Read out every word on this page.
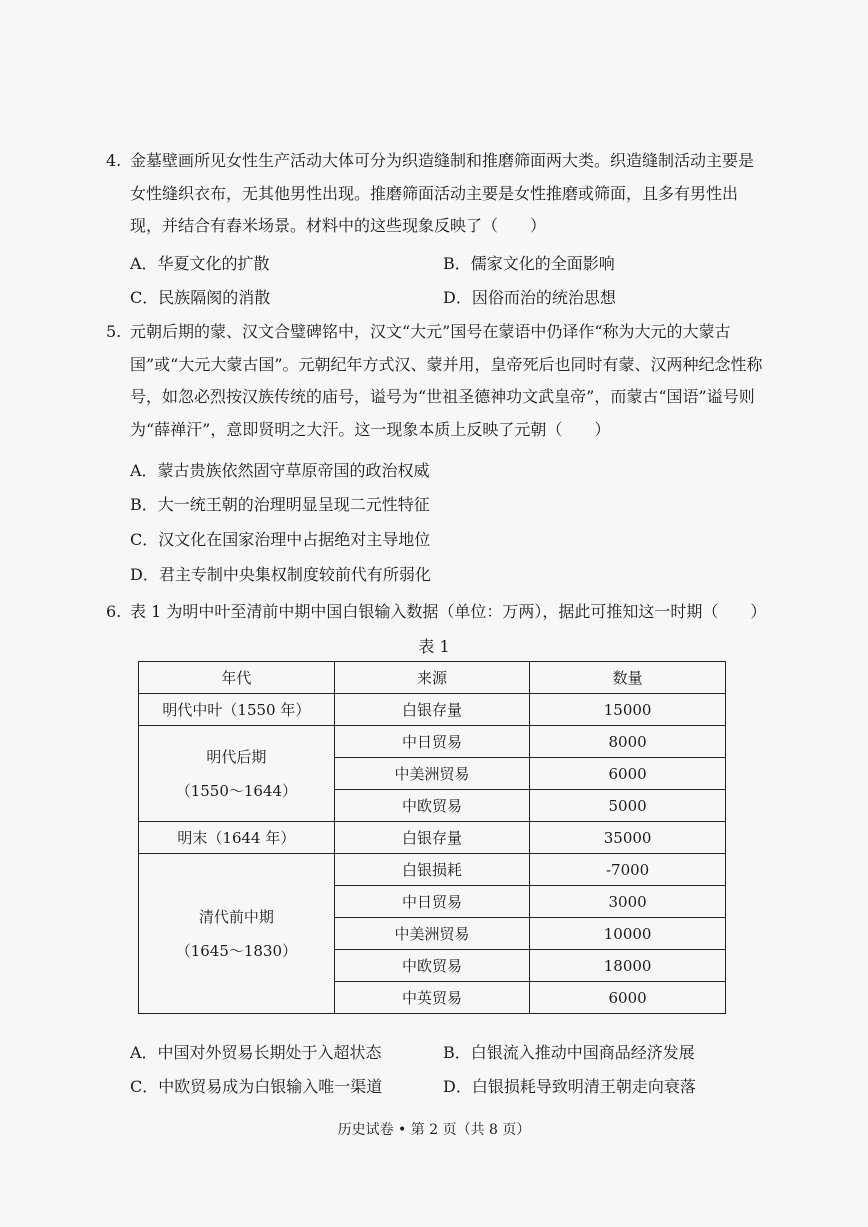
4. 金墓壁画所见女性生产活动大体可分为织造缝制和推磨筛面两大类。织造缝制活动主要是女性缝织衣布，无其他男性出现。推磨筛面活动主要是女性推磨或筛面，且多有男性出现，并结合有舂米场景。材料中的这些现象反映了（　　）
A．华夏文化的扩散	B．儒家文化的全面影响
C．民族隔阂的消散	D．因俗而治的统治思想
5. 元朝后期的蒙、汉文合璧碑铭中，汉文“大元”国号在蒙语中仍译作“称为大元的大蒙古国”或“大元大蒙古国”。元朝纪年方式汉、蒙并用，皇帝死后也同时有蒙、汉两种纪念性称号，如忽必烈按汉族传统的庙号，谥号为“世祖圣德神功文武皇帝”，而蒙古“国语”谥号则为“薛禅汗”，意即贤明之大汗。这一现象本质上反映了元朝（　　）
A．蒙古贵族依然固守草原帝国的政治权威
B．大一统王朝的治理明显呈现二元性特征
C．汉文化在国家治理中占据绝对主导地位
D．君主专制中央集权制度较前代有所弱化
6. 表 1 为明中叶至清前中期中国白银输入数据（单位：万两），据此可推知这一时期（　　）
表 1
年代	来源	数量
明代中叶（1550 年）	白银存量	15000

明代后期
（1550～1644）	中日贸易	8000
	中美洲贸易	6000
	中欧贸易	5000
明末（1644 年）	白银存量	35000

清代前中期
（1645～1830）	白银损耗	-7000
	中日贸易	3000
	中美洲贸易	10000
	中欧贸易	18000
	中英贸易	6000
A．中国对外贸易长期处于入超状态	B．白银流入推动中国商品经济发展
C．中欧贸易成为白银输入唯一渠道	D．白银损耗导致明清王朝走向衰落
历史试卷 • 第 2 页（共 8 页）
